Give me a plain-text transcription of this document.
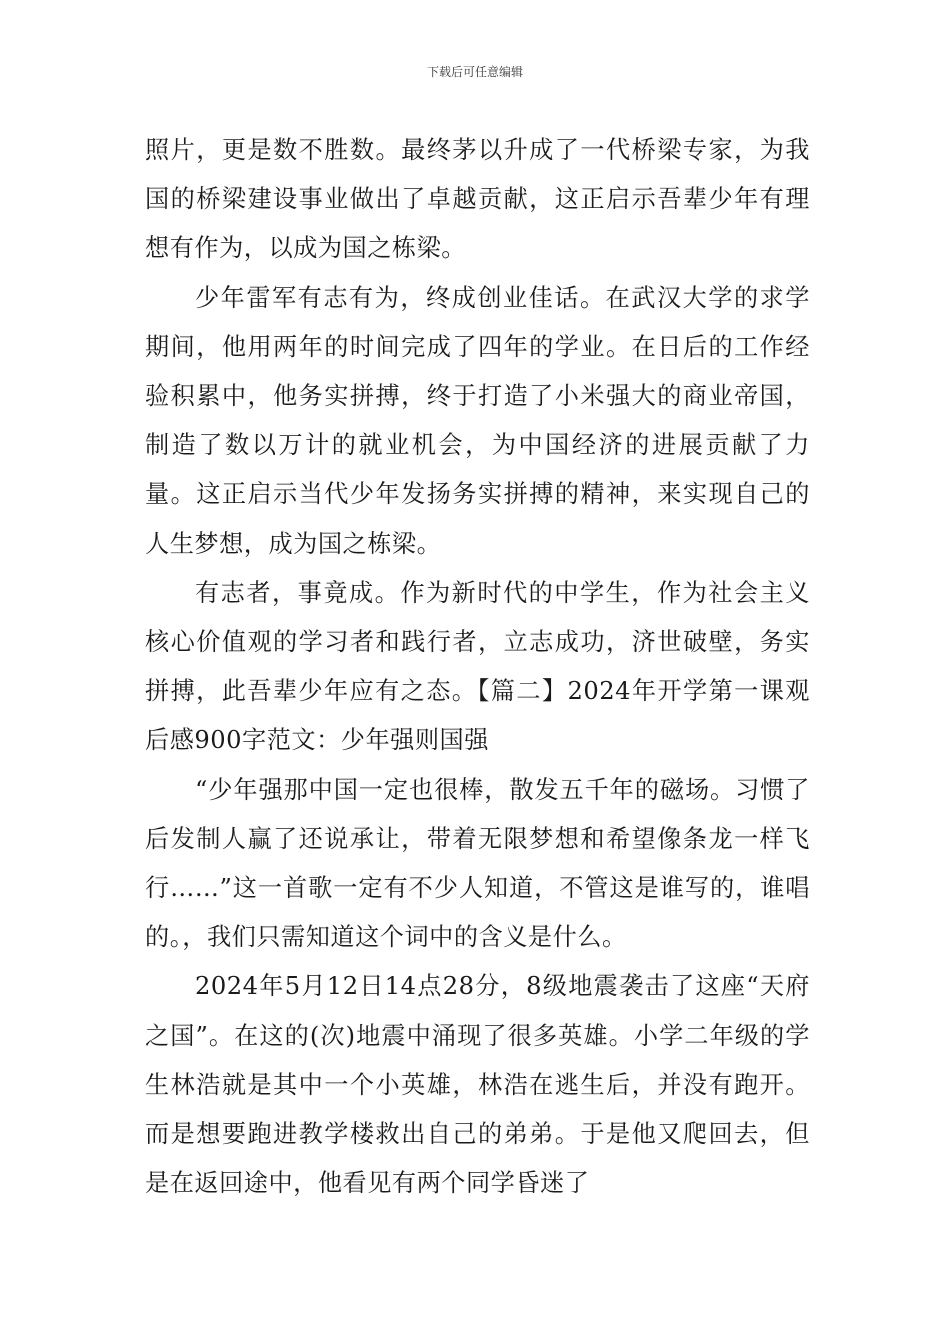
下载后可任意编辑

照片，更是数不胜数。最终茅以升成了一代桥梁专家，为我国的桥梁建设事业做出了卓越贡献，这正启示吾辈少年有理想有作为，以成为国之栋梁。

少年雷军有志有为，终成创业佳话。在武汉大学的求学期间，他用两年的时间完成了四年的学业。在日后的工作经验积累中，他务实拼搏，终于打造了小米强大的商业帝国，制造了数以万计的就业机会，为中国经济的进展贡献了力量。这正启示当代少年发扬务实拼搏的精神，来实现自己的人生梦想，成为国之栋梁。

有志者，事竟成。作为新时代的中学生，作为社会主义核心价值观的学习者和践行者，立志成功，济世破壁，务实拼搏，此吾辈少年应有之态。【篇二】2024年开学第一课观后感900字范文：少年强则国强

“少年强那中国一定也很棒，散发五千年的磁场。习惯了后发制人赢了还说承让，带着无限梦想和希望像条龙一样飞行……”这一首歌一定有不少人知道，不管这是谁写的，谁唱的。，我们只需知道这个词中的含义是什么。

2024年5月12日14点28分，8级地震袭击了这座“天府之国”。在这的(次)地震中涌现了很多英雄。小学二年级的学生林浩就是其中一个小英雄，林浩在逃生后，并没有跑开。而是想要跑进教学楼救出自己的弟弟。于是他又爬回去，但是在返回途中，他看见有两个同学昏迷了
